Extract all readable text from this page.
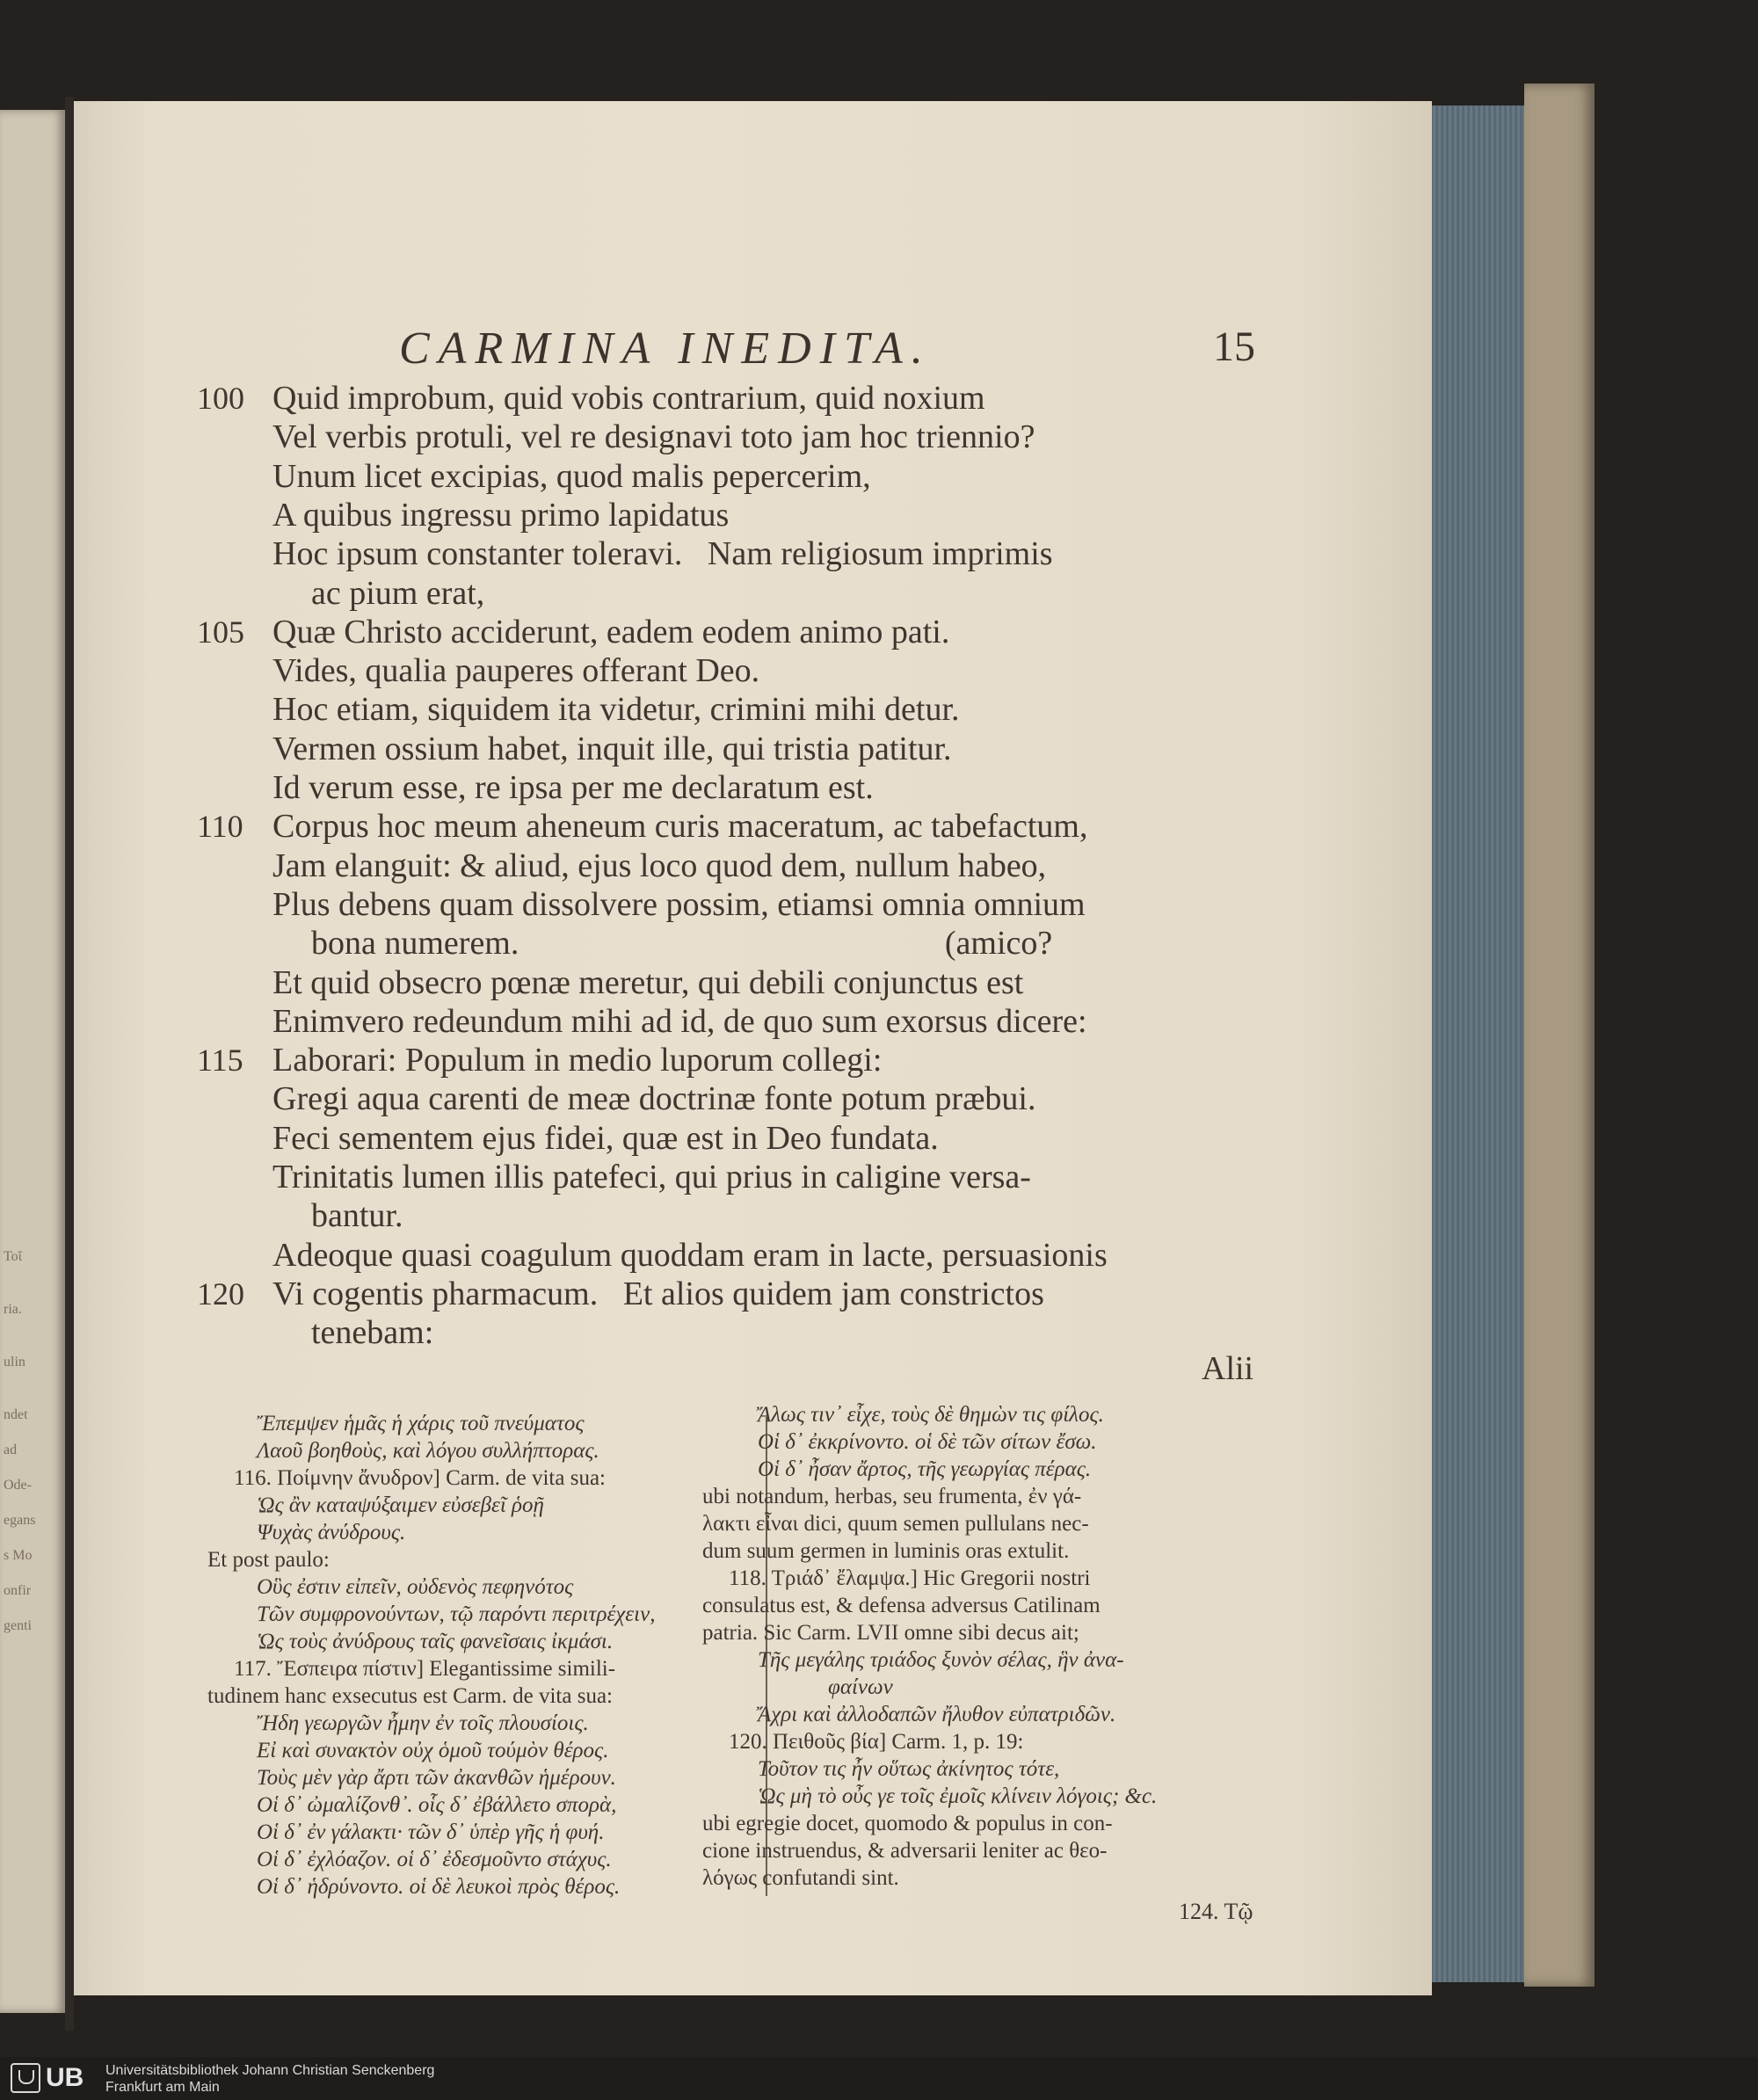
Τοῖ
ria.
ulin
ndet
ad
Ode-
egans
s Mo
onfir
genti
CARMINA INEDITA.	15
100 Quid improbum, quid vobis contrarium, quid noxium
Vel verbis protuli, vel re designavi toto jam hoc triennio?
Unum licet excipias, quod malis pepercerim,
A quibus ingressu primo lapidatus
Hoc ipsum constanter toleravi.   Nam religiosum imprimis
ac pium erat,
105 Quæ Christo acciderunt, eadem eodem animo pati.
Vides, qualia pauperes offerant Deo.
Hoc etiam, siquidem ita videtur, crimini mihi detur.
Vermen ossium habet, inquit ille, qui tristia patitur.
Id verum esse, re ipsa per me declaratum est.
110 Corpus hoc meum aheneum curis maceratum, ac tabefactum,
Jam elanguit: & aliud, ejus loco quod dem, nullum habeo,
Plus debens quam dissolvere possim, etiamsi omnia omnium
bona numerem.                                                   (amico?
Et quid obsecro pœnæ meretur, qui debili conjunctus est
Enimvero redeundum mihi ad id, de quo sum exorsus dicere:
115 Laborari: Populum in medio luporum collegi:
Gregi aqua carenti de meæ doctrinæ fonte potum præbui.
Feci sementem ejus fidei, quæ est in Deo fundata.
Trinitatis lumen illis patefeci, qui prius in caligine versa-
bantur.
Adeoque quasi coagulum quoddam eram in lacte, persuasionis
120 Vi cogentis pharmacum.   Et alios quidem jam constrictos
tenebam:
Alii
Ἔπεμψεν ἡμᾶς ἡ χάρις τοῦ πνεύματος
Λαοῦ βοηθοὺς, καὶ λόγου συλλήπτορας.
116. Ποίμνην ἄνυδρον] Carm. de vita sua:
Ὡς ἂν καταψύξαιμεν εὐσεβεῖ ῥοῇ
Ψυχὰς ἀνύδρους.
Et post paulo:
Οὓς ἐστιν εἰπεῖν, οὐδενὸς πεφηνότος
Τῶν συμφρονούντων, τῷ παρόντι περιτρέχειν,
Ὡς τοὺς ἀνύδρους ταῖς φανεῖσαις ἰκμάσι.
117. Ἔσπειρα πίστιν] Elegantissime simili-
tudinem hanc exsecutus est Carm. de vita sua:
Ἤδη γεωργῶν ἦμην ἐν τοῖς πλουσίοις.
Εἰ καὶ συνακτὸν οὐχ ὁμοῦ τούμὸν θέρος.
Τοὺς μὲν γὰρ ἄρτι τῶν ἀκανθῶν ἡμέρουν.
Οἱ δ᾽ ὠμαλίζονθ᾽. οἷς δ᾽ ἐβάλλετο σπορὰ,
Οἱ δ᾽ ἐν γάλακτι· τῶν δ᾽ ὑπὲρ γῆς ἡ φυή.
Οἱ δ᾽ ἐχλόαζον. οἱ δ᾽ ἐδεσμοῦντο στάχυς.
Οἱ δ᾽ ἡδρύνοντο. οἱ δὲ λευκοὶ πρὸς θέρος.
Ἄλως τιν᾽ εἶχε, τοὺς δὲ θημὼν τις φίλος.
Οἱ δ᾽ ἐκκρίνοντο. οἱ δὲ τῶν σίτων ἔσω.
Οἱ δ᾽ ἦσαν ἄρτος, τῆς γεωργίας πέρας.
ubi notandum, herbas, seu frumenta, ἐν γά-
λακτι εἶναι dici, quum semen pullulans nec-
dum suum germen in luminis oras extulit.
118. Τριάδ᾽ ἔλαμψα.] Hic Gregorii nostri
consulatus est, & defensa adversus Catilinam
patria. Sic Carm. LVII omne sibi decus ait;
Τῆς μεγάλης τριάδος ξυνὸν σέλας, ἣν ἀνα-
φαίνων
Ἄχρι καὶ ἀλλοδαπῶν ἤλυθον εὐπατριδῶν.
120. Πειθοῦς βία] Carm. 1, p. 19:
Τοῦτον τις ἦν οὕτως ἀκίνητος τότε,
Ὡς μὴ τὸ οὖς γε τοῖς ἐμοῖς κλίνειν λόγοις; &c.
ubi egregie docet, quomodo & populus in con-
cione instruendus, & adversarii leniter ac θεο-
λόγως confutandi sint.
124. Τῷ
UB Universitätsbibliothek Johann Christian Senckenberg
Frankfurt am Main
